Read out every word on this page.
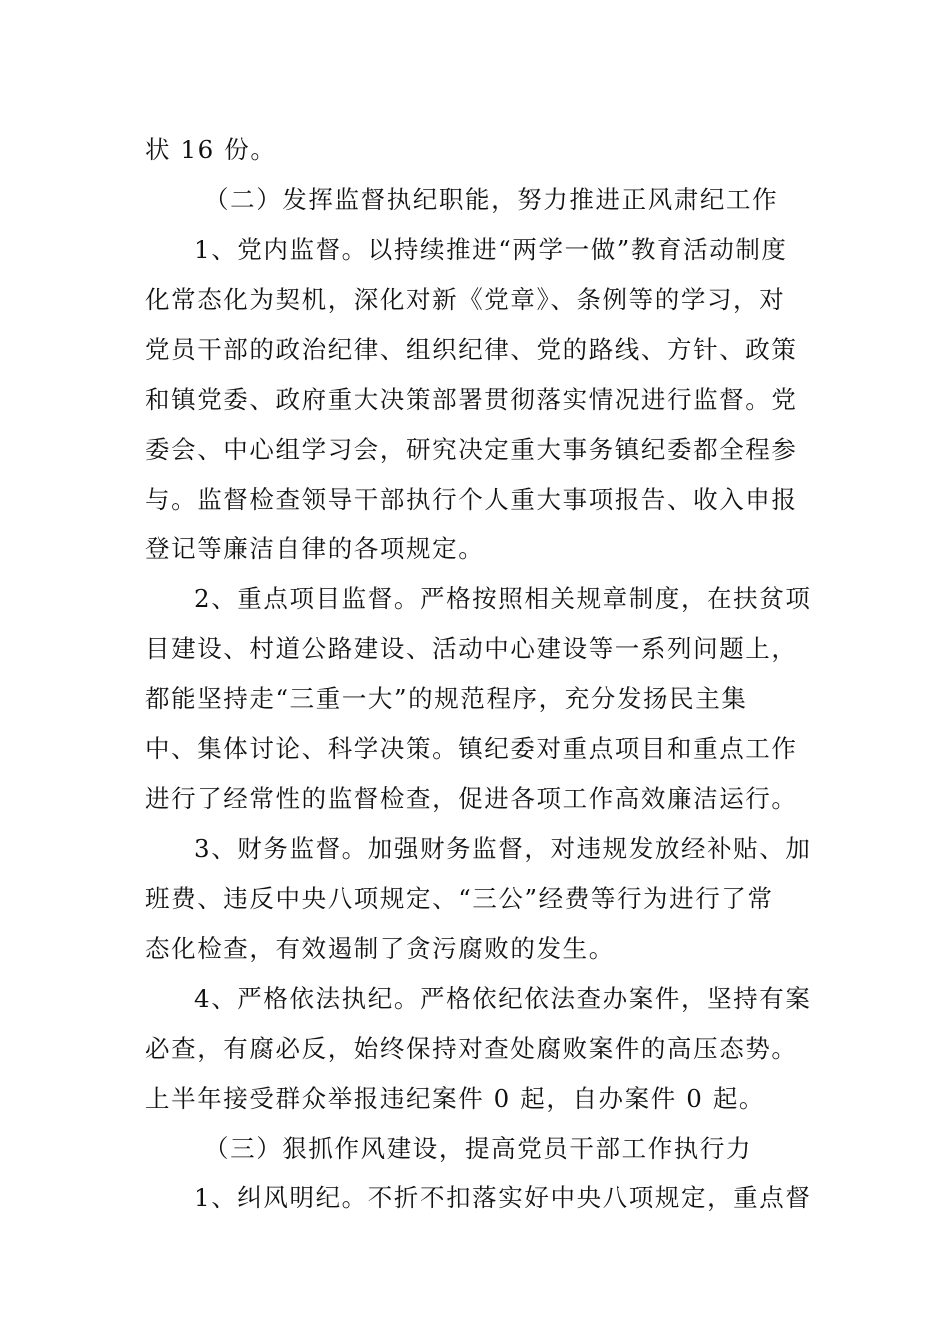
状 16 份。
（二）发挥监督执纪职能，努力推进正风肃纪工作
1、党内监督。以持续推进“两学一做”教育活动制度
化常态化为契机，深化对新《党章》、条例等的学习，对
党员干部的政治纪律、组织纪律、党的路线、方针、政策
和镇党委、政府重大决策部署贯彻落实情况进行监督。党
委会、中心组学习会，研究决定重大事务镇纪委都全程参
与。监督检查领导干部执行个人重大事项报告、收入申报
登记等廉洁自律的各项规定。
2、重点项目监督。严格按照相关规章制度，在扶贫项
目建设、村道公路建设、活动中心建设等一系列问题上，
都能坚持走“三重一大”的规范程序，充分发扬民主集
中、集体讨论、科学决策。镇纪委对重点项目和重点工作
进行了经常性的监督检查，促进各项工作高效廉洁运行。
3、财务监督。加强财务监督，对违规发放经补贴、加
班费、违反中央八项规定、“三公”经费等行为进行了常
态化检查，有效遏制了贪污腐败的发生。
4、严格依法执纪。严格依纪依法查办案件，坚持有案
必查，有腐必反，始终保持对查处腐败案件的高压态势。
上半年接受群众举报违纪案件 0 起，自办案件 0 起。
（三）狠抓作风建设，提高党员干部工作执行力
1、纠风明纪。不折不扣落实好中央八项规定，重点督
